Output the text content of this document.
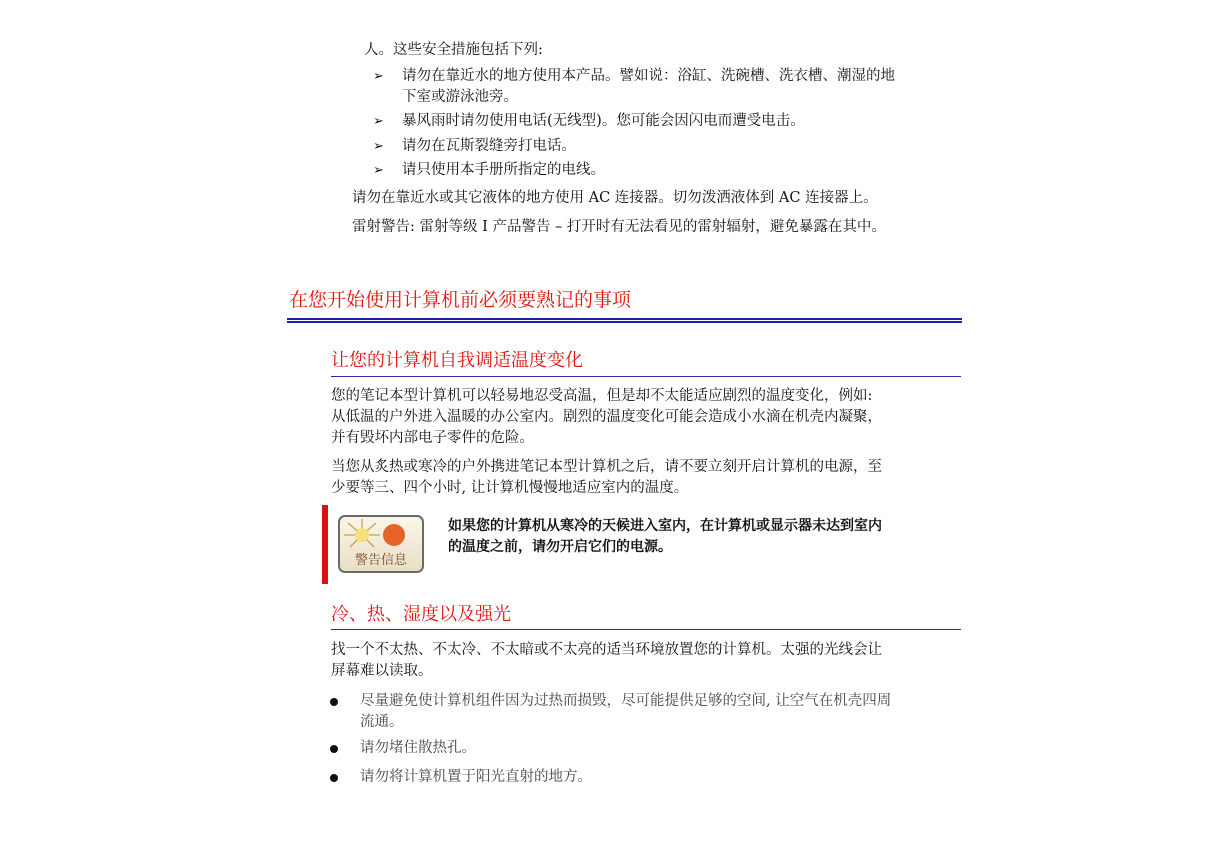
人。这些安全措施包括下列:
➢ 请勿在靠近水的地方使用本产品。譬如说：浴缸、洗碗槽、洗衣槽、潮湿的地
下室或游泳池旁。
➢ 暴风雨时请勿使用电话(无线型)。您可能会因闪电而遭受电击。
➢ 请勿在瓦斯裂缝旁打电话。
➢ 请只使用本手册所指定的电线。
请勿在靠近水或其它液体的地方使用 AC 连接器。切勿泼洒液体到 AC 连接器上。
雷射警告: 雷射等级 I 产品警告 – 打开时有无法看见的雷射辐射，避免暴露在其中。
在您开始使用计算机前必须要熟记的事项
让您的计算机自我调适温度变化
您的笔记本型计算机可以轻易地忍受高温，但是却不太能适应剧烈的温度变化，例如:
从低温的户外进入温暖的办公室内。剧烈的温度变化可能会造成小水滴在机壳内凝聚，
并有毁坏内部电子零件的危险。
当您从炙热或寒冷的户外携进笔记本型计算机之后，请不要立刻开启计算机的电源，至
少要等三、四个小时, 让计算机慢慢地适应室内的温度。
警告信息
如果您的计算机从寒冷的天候进入室内，在计算机或显示器未达到室内
的温度之前，请勿开启它们的电源。
冷、热、湿度以及强光
找一个不太热、不太冷、不太暗或不太亮的适当环境放置您的计算机。太强的光线会让
屏幕难以读取。
尽量避免使计算机组件因为过热而损毁，尽可能提供足够的空间, 让空气在机壳四周
流通。
请勿堵住散热孔。
请勿将计算机置于阳光直射的地方。
